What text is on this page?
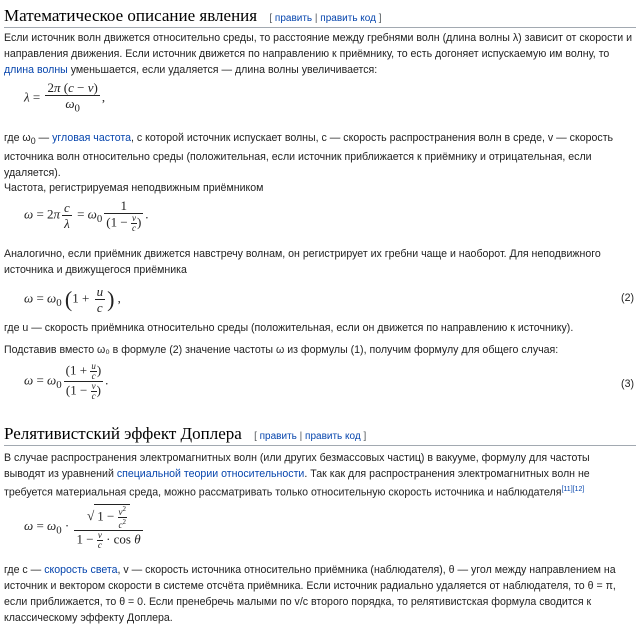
Математическое описание явления [ править | править код ]

Если источник волн движется относительно среды, то расстояние между гребнями волн (длина волны λ) зависит от скорости и направления движения. Если источник движется по направлению к приёмнику, то есть догоняет испускаемую им волну, то длина волны уменьшается, если удаляется — длина волны увеличивается:

$\lambda = \frac{2\pi (c - v)}{\omega_0}$ ,

где $\omega_0$ — угловая частота, с которой источник испускает волны, c — скорость распространения волн в среде, v — скорость источника волн относительно среды (положительная, если источник приближается к приёмнику и отрицательная, если удаляется).

Частота, регистрируемая неподвижным приёмником

$\omega = 2\pi \frac{c}{\lambda} = \omega_0 \frac{1}{(1 - \frac{v}{c} )}$ .

Аналогично, если приёмник движется навстречу волнам, он регистрирует их гребни чаще и наоборот. Для неподвижного источника и движущегося приёмника

$\omega = \omega_0$ ($1 + \frac{u}{c}$ ) ,	(2)

где u — скорость приёмника относительно среды (положительная, если он движется по направлению к источнику).

Подставив вместо ω₀ в формуле (2) значение частоты ω из формулы (1), получим формулу для общего случая:

$\omega = \omega_0 \frac{(1 + \frac{u}{c} )}{(1 - \frac{v}{c} )}$ .	(3)
Релятивистский эффект Доплера [ править | править код ]

В случае распространения электромагнитных волн (или других безмассовых частиц) в вакууме, формулу для частоты выводят из уравнений специальной теории относительности. Так как для распространения электромагнитных волн не требуется материальная среда, можно рассматривать только относительную скорость источника и наблюдателя[11][12]

$\omega = \omega_0 \cdot \frac{√ 1 - \frac{v^2}{c^2}}{1 - \frac{v}{c} \cdot \cos \theta}$

где c — скорость света, v — скорость источника относительно приёмника (наблюдателя), θ — угол между направлением на источник и вектором скорости в системе отсчёта приёмника. Если источник радиально удаляется от наблюдателя, то θ = π, если приближается, то θ = 0. Если пренебречь малыми по v/c второго порядка, то релятивистская формула сводится к классическому эффекту Доплера.
